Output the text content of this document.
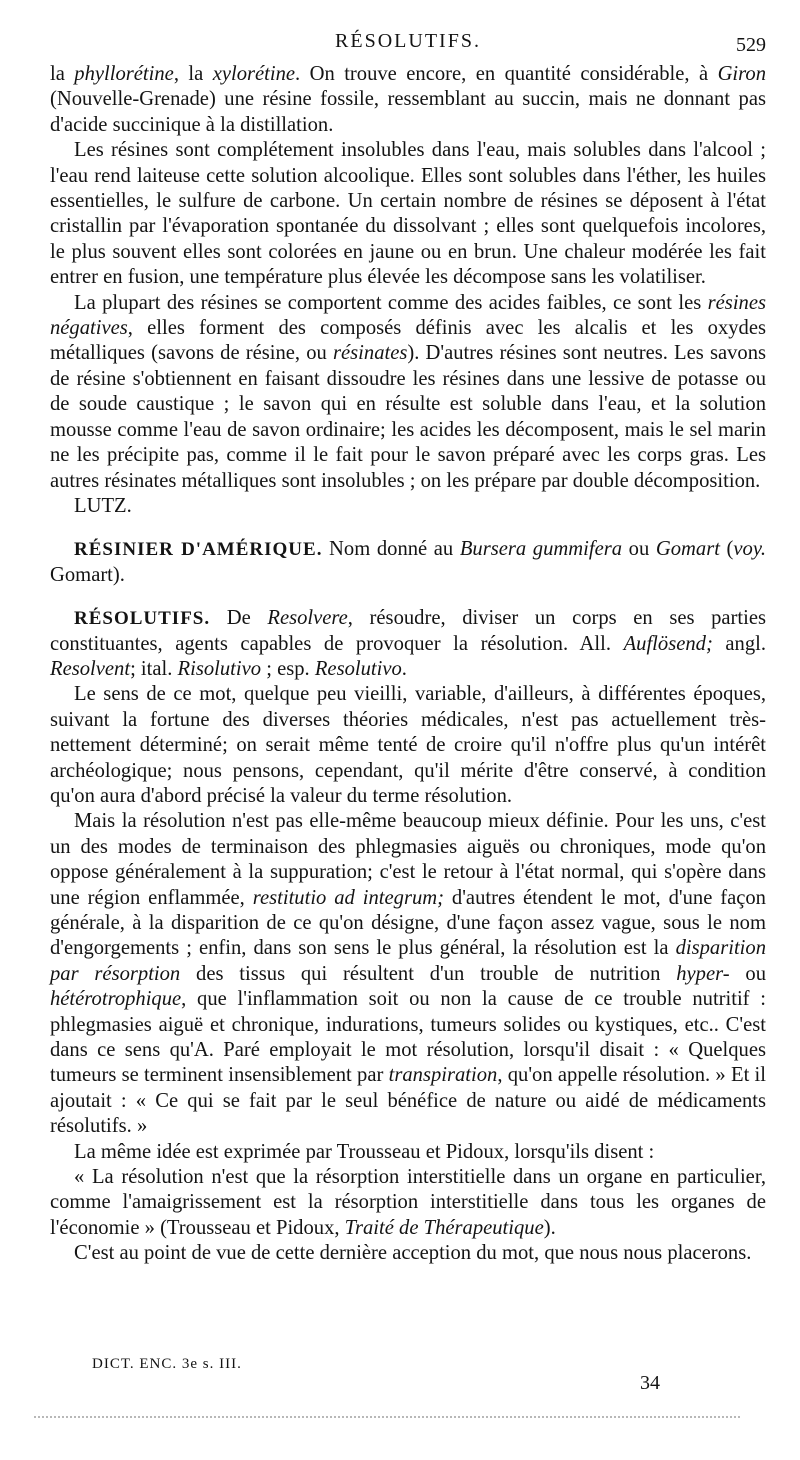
RÉSOLUTIFS.	529

la phyllorétine, la xylorétine. On trouve encore, en quantité considérable, à Giron (Nouvelle-Grenade) une résine fossile, ressemblant au succin, mais ne donnant pas d'acide succinique à la distillation.

Les résines sont complétement insolubles dans l'eau, mais solubles dans l'alcool ; l'eau rend laiteuse cette solution alcoolique. Elles sont solubles dans l'éther, les huiles essentielles, le sulfure de carbone. Un certain nombre de résines se déposent à l'état cristallin par l'évaporation spontanée du dissolvant ; elles sont quelquefois incolores, le plus souvent elles sont colorées en jaune ou en brun. Une chaleur modérée les fait entrer en fusion, une température plus élevée les décompose sans les volatiliser.

La plupart des résines se comportent comme des acides faibles, ce sont les résines négatives, elles forment des composés définis avec les alcalis et les oxydes métalliques (savons de résine, ou résinates). D'autres résines sont neutres. Les savons de résine s'obtiennent en faisant dissoudre les résines dans une lessive de potasse ou de soude caustique ; le savon qui en résulte est soluble dans l'eau, et la solution mousse comme l'eau de savon ordinaire; les acides les décomposent, mais le sel marin ne les précipite pas, comme il le fait pour le savon préparé avec les corps gras. Les autres résinates métalliques sont insolubles ; on les prépare par double décomposition.

LUTZ.

RÉSINIER D'AMÉRIQUE. Nom donné au Bursera gummifera ou Gomart (voy. Gomart).

RÉSOLUTIFS. De Resolvere, résoudre, diviser un corps en ses parties constituantes, agents capables de provoquer la résolution. All. Auflösend; angl. Resolvent; ital. Risolutivo ; esp. Resolutivo.

Le sens de ce mot, quelque peu vieilli, variable, d'ailleurs, à différentes époques, suivant la fortune des diverses théories médicales, n'est pas actuellement très-nettement déterminé; on serait même tenté de croire qu'il n'offre plus qu'un intérêt archéologique; nous pensons, cependant, qu'il mérite d'être conservé, à condition qu'on aura d'abord précisé la valeur du terme résolution.

Mais la résolution n'est pas elle-même beaucoup mieux définie. Pour les uns, c'est un des modes de terminaison des phlegmasies aiguës ou chroniques, mode qu'on oppose généralement à la suppuration; c'est le retour à l'état normal, qui s'opère dans une région enflammée, restitutio ad integrum; d'autres étendent le mot, d'une façon générale, à la disparition de ce qu'on désigne, d'une façon assez vague, sous le nom d'engorgements ; enfin, dans son sens le plus général, la résolution est la disparition par résorption des tissus qui résultent d'un trouble de nutrition hyper- ou hétérotrophique, que l'inflammation soit ou non la cause de ce trouble nutritif : phlegmasies aiguë et chronique, indurations, tumeurs solides ou kystiques, etc.. C'est dans ce sens qu'A. Paré employait le mot résolution, lorsqu'il disait : « Quelques tumeurs se terminent insensiblement par transpiration, qu'on appelle résolution. » Et il ajoutait : « Ce qui se fait par le seul bénéfice de nature ou aidé de médicaments résolutifs. »

La même idée est exprimée par Trousseau et Pidoux, lorsqu'ils disent :

« La résolution n'est que la résorption interstitielle dans un organe en particulier, comme l'amaigrissement est la résorption interstitielle dans tous les organes de l'économie » (Trousseau et Pidoux, Traité de Thérapeutique).

C'est au point de vue de cette dernière acception du mot, que nous nous placerons.

DICT. ENC. 3e s. III.
34
